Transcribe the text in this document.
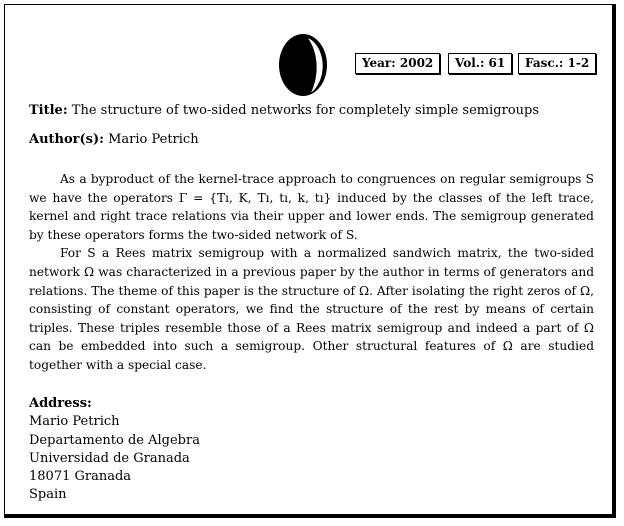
Year: 2002	Vol.: 61	Fasc.: 1-2
Title: The structure of two-sided networks for completely simple semigroups
Author(s): Mario Petrich

As a byproduct of the kernel-trace approach to congruences on regular semigroups S we have the operators Γ = {Tı, K, Tı, tı, k, tı} induced by the classes of the left trace, kernel and right trace relations via their upper and lower ends. The semigroup generated by these operators forms the two-sided network of S.

For S a Rees matrix semigroup with a normalized sandwich matrix, the two-sided network Ω was characterized in a previous paper by the author in terms of generators and relations. The theme of this paper is the structure of Ω. After isolating the right zeros of Ω, consisting of constant operators, we find the structure of the rest by means of certain triples. These triples resemble those of a Rees matrix semigroup and indeed a part of Ω can be embedded into such a semigroup. Other structural features of Ω are studied together with a special case.

Address:
Mario Petrich
Departamento de Algebra
Universidad de Granada
18071 Granada
Spain
